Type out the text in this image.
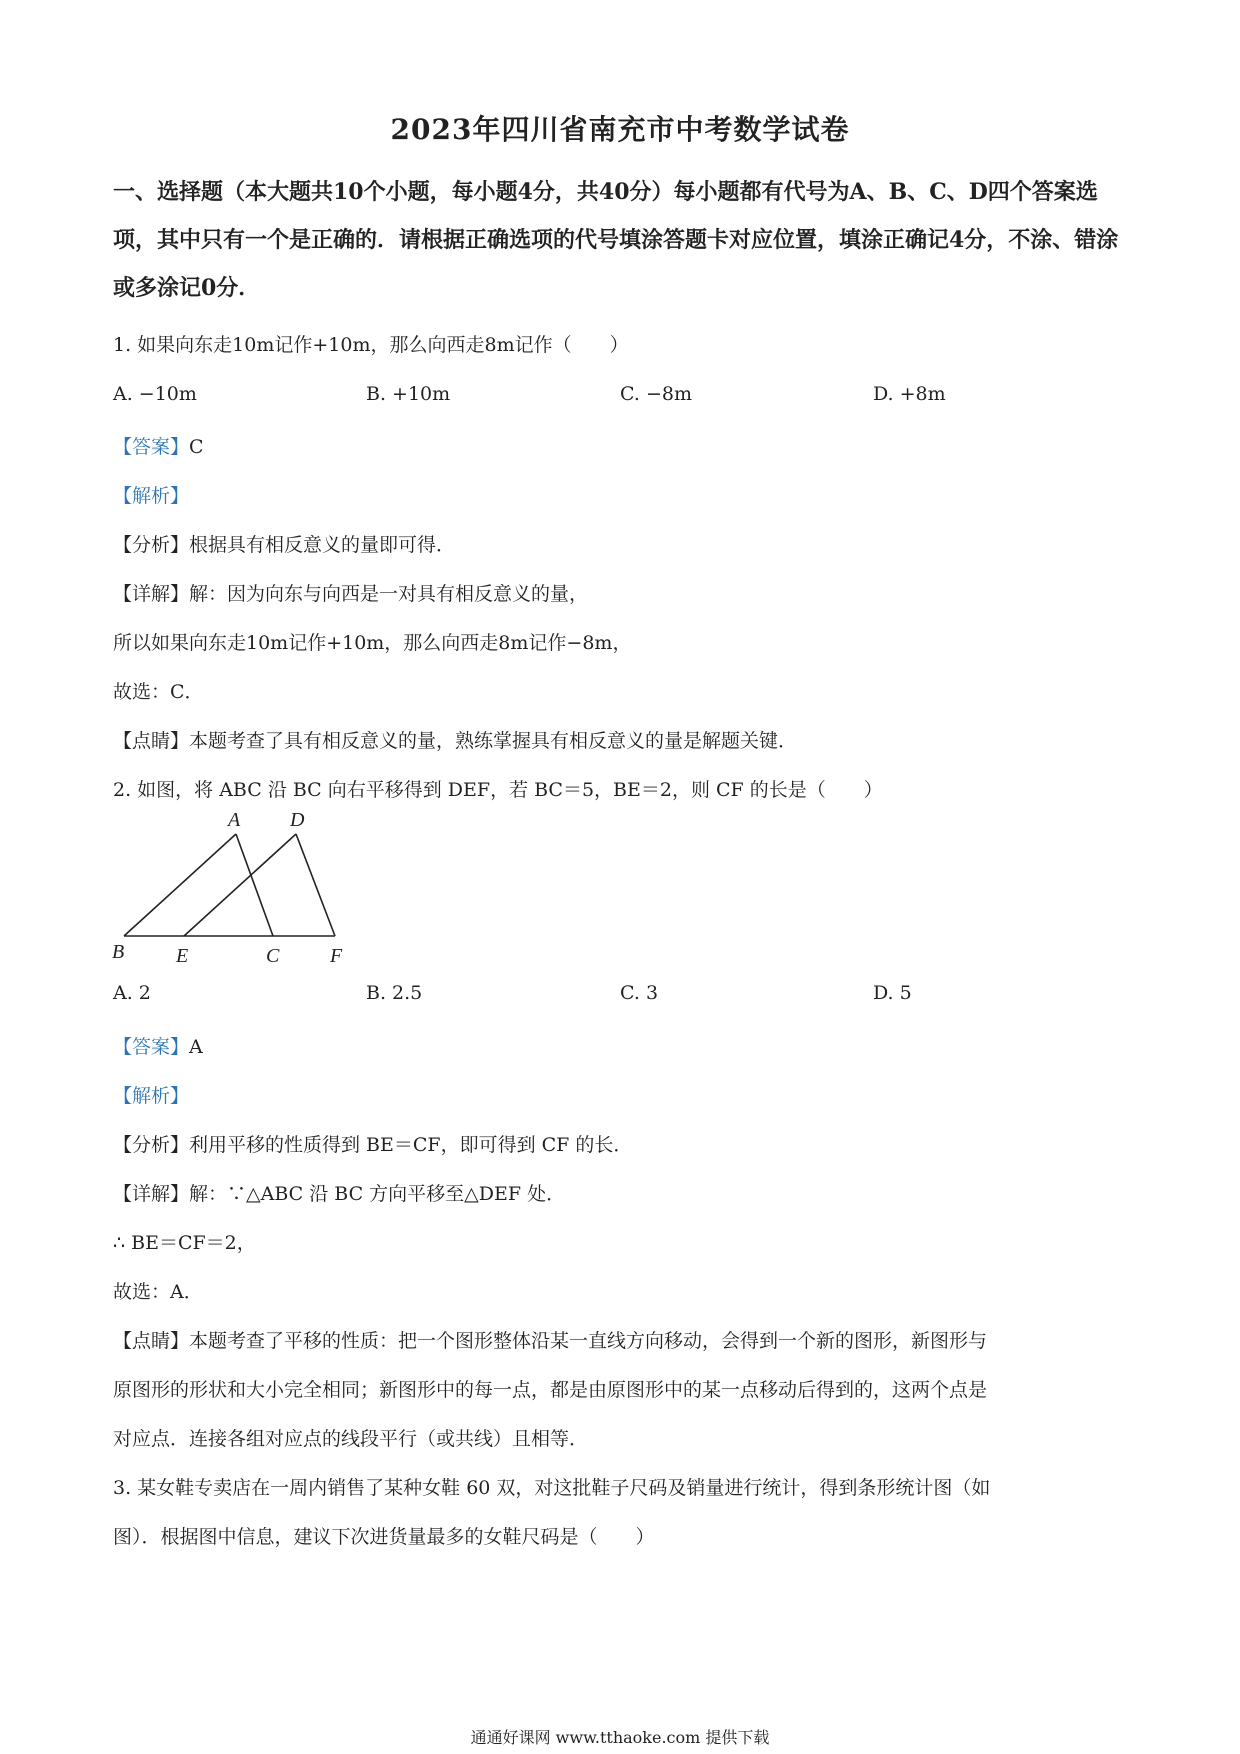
2023年四川省南充市中考数学试卷
一、选择题（本大题共10个小题，每小题4分，共40分）每小题都有代号为A、B、C、D四个答案选项，其中只有一个是正确的．请根据正确选项的代号填涂答题卡对应位置，填涂正确记4分，不涂、错涂或多涂记0分．
1. 如果向东走10m记作+10m，那么向西走8m记作（　　）
A. −10m	B. +10m	C. −8m	D. +8m
【答案】C
【解析】
【分析】根据具有相反意义的量即可得．
【详解】解：因为向东与向西是一对具有相反意义的量，
所以如果向东走10m记作+10m，那么向西走8m记作−8m，
故选：C．
【点睛】本题考查了具有相反意义的量，熟练掌握具有相反意义的量是解题关键．
2. 如图，将 ABC 沿 BC 向右平移得到 DEF，若 BC＝5，BE＝2，则 CF 的长是（　　）
A D
B	E	C	F
A. 2	B. 2.5	C. 3	D. 5
【答案】A
【解析】
【分析】利用平移的性质得到 BE＝CF，即可得到 CF 的长．
【详解】解：∵△ABC 沿 BC 方向平移至△DEF 处．
∴ BE＝CF＝2，
故选：A．
【点睛】本题考查了平移的性质：把一个图形整体沿某一直线方向移动，会得到一个新的图形，新图形与
原图形的形状和大小完全相同；新图形中的每一点，都是由原图形中的某一点移动后得到的，这两个点是
对应点．连接各组对应点的线段平行（或共线）且相等．
3. 某女鞋专卖店在一周内销售了某种女鞋 60 双，对这批鞋子尺码及销量进行统计，得到条形统计图（如
图）．根据图中信息，建议下次进货量最多的女鞋尺码是（　　）
通通好课网 www.tthaoke.com 提供下载
